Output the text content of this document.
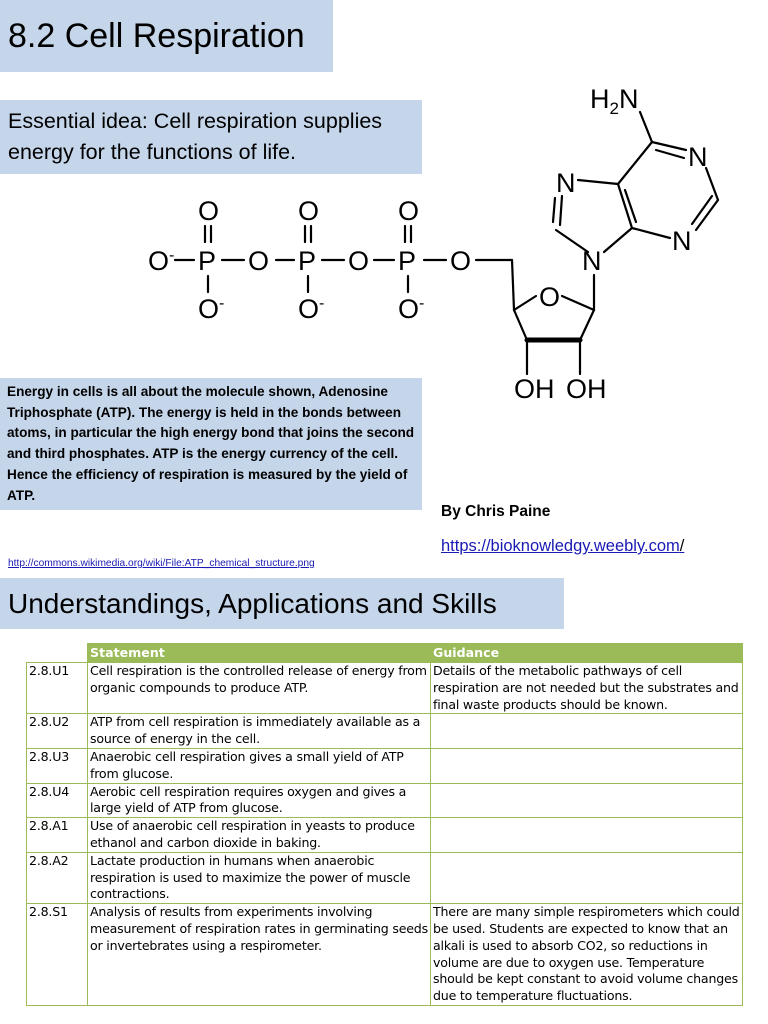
8.2 Cell Respiration
Essential idea: Cell respiration supplies energy for the functions of life.
O- P
O
O-
O P
O
O-
O P
O
O-
O
O
OH OH
N
N
N
N
$H_2N$
Energy in cells is all about the molecule shown, Adenosine Triphosphate (ATP). The energy is held in the bonds between atoms, in particular the high energy bond that joins the second and third phosphates. ATP is the energy currency of the cell. Hence the efficiency of respiration is measured by the yield of ATP.
By Chris Paine
https://bioknowledgy.weebly.com/
http://commons.wikimedia.org/wiki/File:ATP_chemical_structure.png
Understandings, Applications and Skills
	Statement	Guidance
2.8.U1	Cell respiration is the controlled release of energy from organic compounds to produce ATP.	Details of the metabolic pathways of cell respiration are not needed but the substrates and final waste products should be known.
2.8.U2	ATP from cell respiration is immediately available as a source of energy in the cell.	
2.8.U3	Anaerobic cell respiration gives a small yield of ATP from glucose.	
2.8.U4	Aerobic cell respiration requires oxygen and gives a large yield of ATP from glucose.	
2.8.A1	Use of anaerobic cell respiration in yeasts to produce ethanol and carbon dioxide in baking.	
2.8.A2	Lactate production in humans when anaerobic respiration is used to maximize the power of muscle contractions.	
2.8.S1	Analysis of results from experiments involving measurement of respiration rates in germinating seeds or invertebrates using a respirometer.	There are many simple respirometers which could be used. Students are expected to know that an alkali is used to absorb CO2, so reductions in volume are due to oxygen use. Temperature should be kept constant to avoid volume changes due to temperature fluctuations.
